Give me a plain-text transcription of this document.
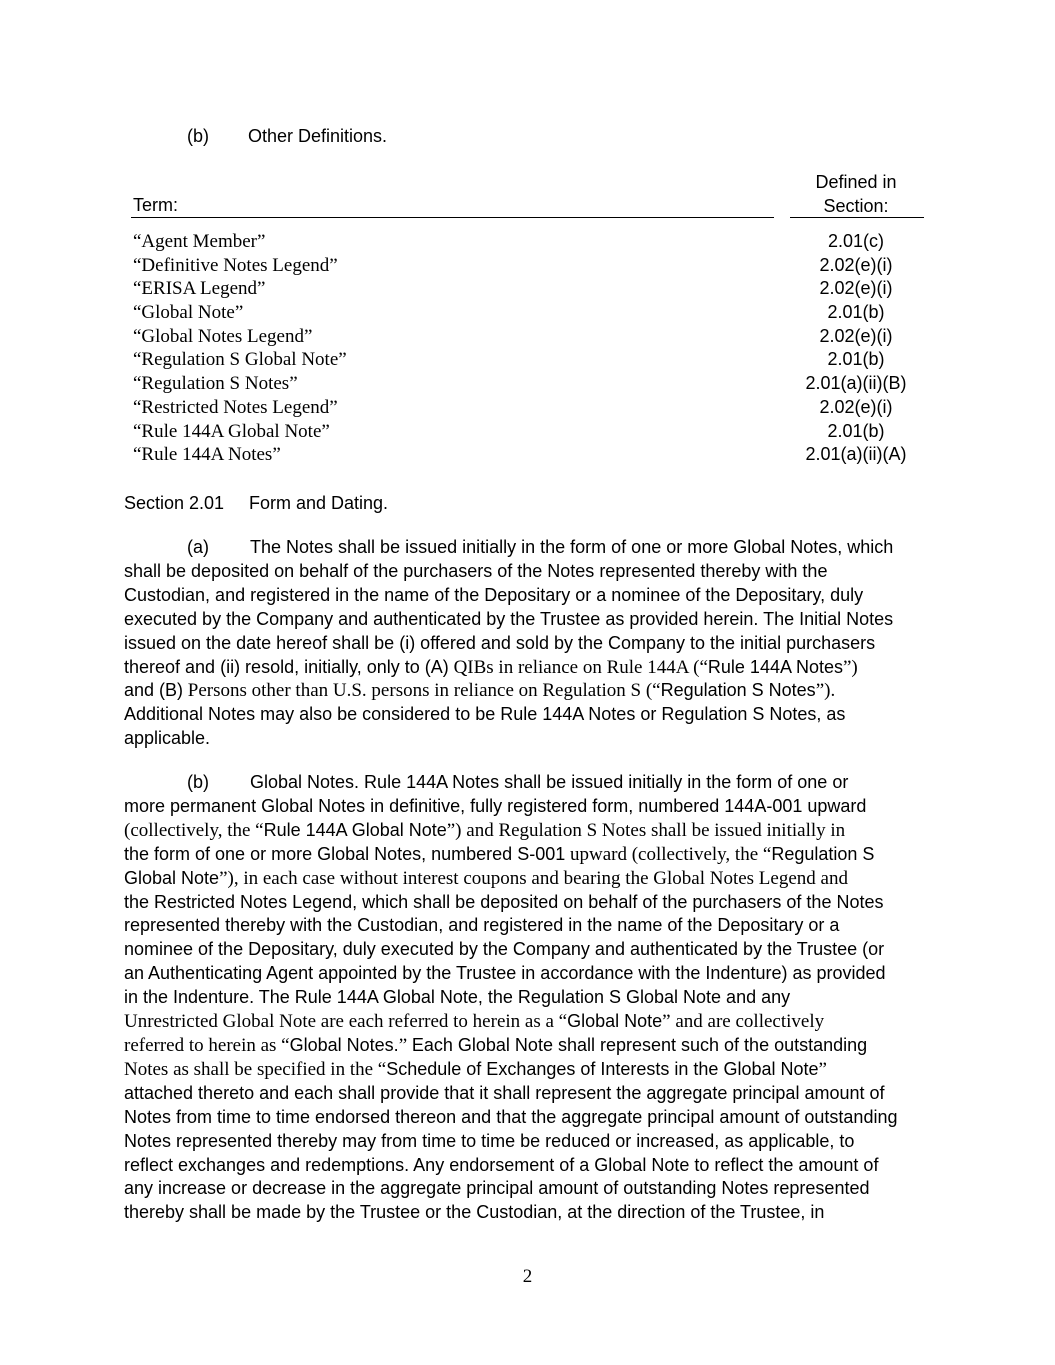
(b) Other Definitions.
Term:
Defined in
Section:
“Agent Member”	2.01(c)
“Definitive Notes Legend”	2.02(e)(i)
“ERISA Legend”	2.02(e)(i)
“Global Note”	2.01(b)
“Global Notes Legend”	2.02(e)(i)
“Regulation S Global Note”	2.01(b)
“Regulation S Notes”	2.01(a)(ii)(B)
“Restricted Notes Legend”	2.02(e)(i)
“Rule 144A Global Note”	2.01(b)
“Rule 144A Notes”	2.01(a)(ii)(A)
Section 2.01 Form and Dating.
(a) The Notes shall be issued initially in the form of one or more Global Notes, which
shall be deposited on behalf of the purchasers of the Notes represented thereby with the
Custodian, and registered in the name of the Depositary or a nominee of the Depositary, duly
executed by the Company and authenticated by the Trustee as provided herein. The Initial Notes
issued on the date hereof shall be (i) offered and sold by the Company to the initial purchasers
thereof and (ii) resold, initially, only to (A) QIBs in reliance on Rule 144A (“Rule 144A Notes”)
and (B) Persons other than U.S. persons in reliance on Regulation S (“Regulation S Notes”).
Additional Notes may also be considered to be Rule 144A Notes or Regulation S Notes, as
applicable.
(b) Global Notes. Rule 144A Notes shall be issued initially in the form of one or
more permanent Global Notes in definitive, fully registered form, numbered 144A-001 upward
(collectively, the “Rule 144A Global Note”) and Regulation S Notes shall be issued initially in
the form of one or more Global Notes, numbered S-001 upward (collectively, the “Regulation S
Global Note”), in each case without interest coupons and bearing the Global Notes Legend and
the Restricted Notes Legend, which shall be deposited on behalf of the purchasers of the Notes
represented thereby with the Custodian, and registered in the name of the Depositary or a
nominee of the Depositary, duly executed by the Company and authenticated by the Trustee (or
an Authenticating Agent appointed by the Trustee in accordance with the Indenture) as provided
in the Indenture. The Rule 144A Global Note, the Regulation S Global Note and any
Unrestricted Global Note are each referred to herein as a “Global Note” and are collectively
referred to herein as “Global Notes.” Each Global Note shall represent such of the outstanding
Notes as shall be specified in the “Schedule of Exchanges of Interests in the Global Note”
attached thereto and each shall provide that it shall represent the aggregate principal amount of
Notes from time to time endorsed thereon and that the aggregate principal amount of outstanding
Notes represented thereby may from time to time be reduced or increased, as applicable, to
reflect exchanges and redemptions. Any endorsement of a Global Note to reflect the amount of
any increase or decrease in the aggregate principal amount of outstanding Notes represented
thereby shall be made by the Trustee or the Custodian, at the direction of the Trustee, in
2
